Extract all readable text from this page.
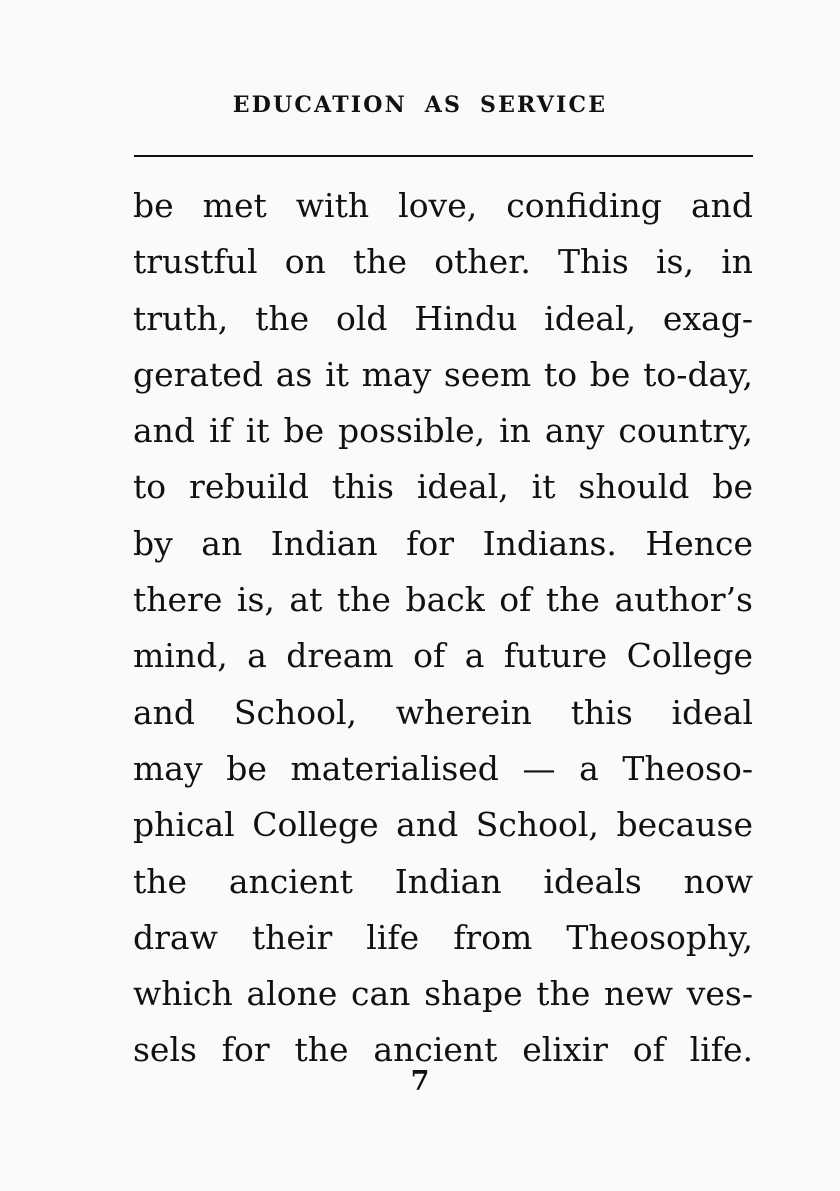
EDUCATION AS SERVICE
be met with love, confiding and
trustful on the other. This is, in
truth, the old Hindu ideal, exag-
gerated as it may seem to be to-day,
and if it be possible, in any country,
to rebuild this ideal, it should be
by an Indian for Indians. Hence
there is, at the back of the author’s
mind, a dream of a future College
and School, wherein this ideal
may be materialised — a Theoso-
phical College and School, because
the ancient Indian ideals now
draw their life from Theosophy,
which alone can shape the new ves-
sels for the ancient elixir of life.
7
